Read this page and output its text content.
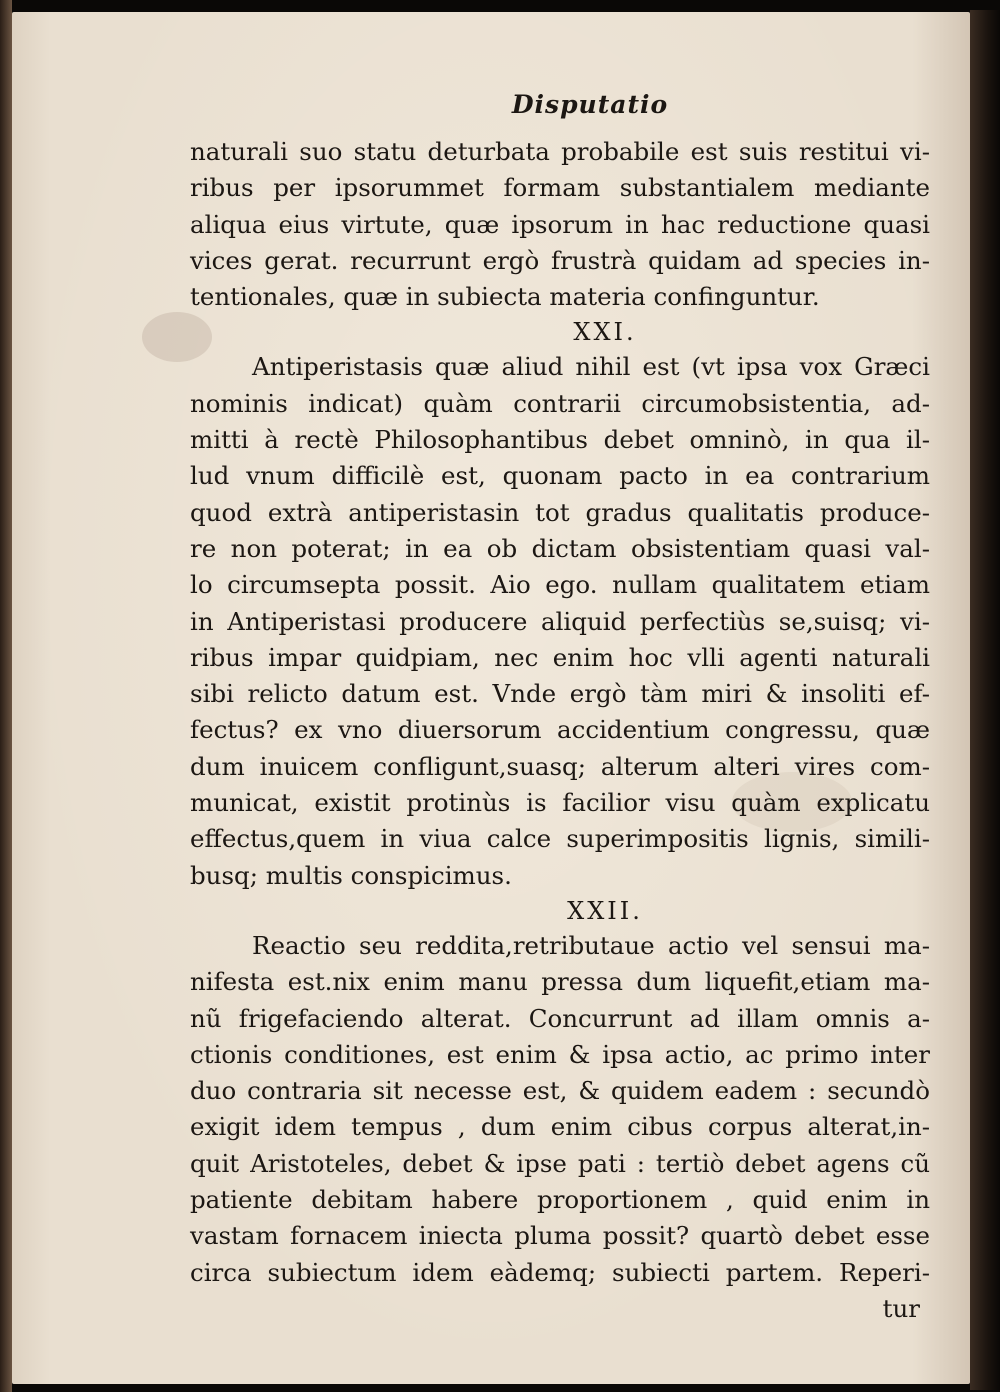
Disputatio
naturali suo statu deturbata probabile est suis restitui vi-
ribus per ipsorummet formam substantialem mediante
aliqua eius virtute, quæ ipsorum in hac reductione quasi
vices gerat. recurrunt ergò frustrà quidam ad species in-
tentionales, quæ in subiecta materia confinguntur.
XXI.
Antiperistasis quæ aliud nihil est (vt ipsa vox Græci
nominis indicat) quàm contrarii circumobsistentia, ad-
mitti à rectè Philosophantibus debet omninò, in qua il-
lud vnum difficilè est, quonam pacto in ea contrarium
quod extrà antiperistasin tot gradus qualitatis produce-
re non poterat; in ea ob dictam obsistentiam quasi val-
lo circumsepta possit. Aio ego. nullam qualitatem etiam
in Antiperistasi producere aliquid perfectiùs se,suisq; vi-
ribus impar quidpiam, nec enim hoc vlli agenti naturali
sibi relicto datum est. Vnde ergò tàm miri & insoliti ef-
fectus? ex vno diuersorum accidentium congressu, quæ
dum inuicem confligunt,suasq; alterum alteri vires com-
municat, existit protinùs is facilior visu quàm explicatu
effectus,quem in viua calce superimpositis lignis, simili-
busq; multis conspicimus.
XXII.
Reactio seu reddita,retributaue actio vel sensui ma-
nifesta est.nix enim manu pressa dum liquefit,etiam ma-
nũ frigefaciendo alterat. Concurrunt ad illam omnis a-
ctionis conditiones, est enim & ipsa actio, ac primo inter
duo contraria sit necesse est, & quidem eadem : secundò
exigit idem tempus , dum enim cibus corpus alterat,in-
quit Aristoteles, debet & ipse pati : tertiò debet agens cũ
patiente debitam habere proportionem , quid enim in
vastam fornacem iniecta pluma possit? quartò debet esse
circa subiectum idem eàdemq; subiecti partem. Reperi-
tur
